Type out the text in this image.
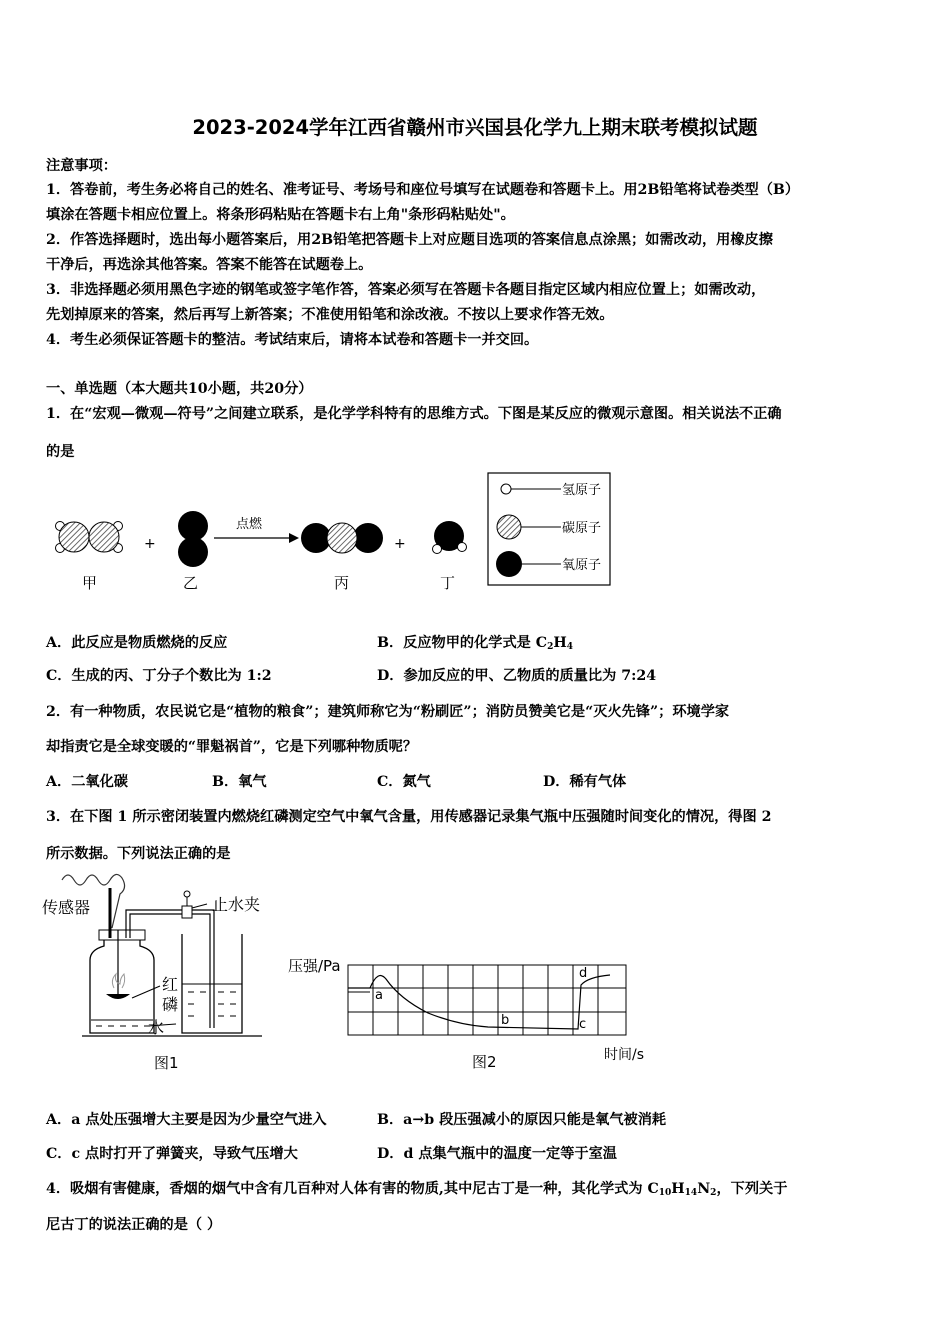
2023-2024学年江西省赣州市兴国县化学九上期末联考模拟试题
注意事项：
1．答卷前，考生务必将自己的姓名、准考证号、考场号和座位号填写在试题卷和答题卡上。用2B铅笔将试卷类型（B）
填涂在答题卡相应位置上。将条形码粘贴在答题卡右上角"条形码粘贴处"。
2．作答选择题时，选出每小题答案后，用2B铅笔把答题卡上对应题目选项的答案信息点涂黑；如需改动，用橡皮擦
干净后，再选涂其他答案。答案不能答在试题卷上。
3．非选择题必须用黑色字迹的钢笔或签字笔作答，答案必须写在答题卡各题目指定区域内相应位置上；如需改动，
先划掉原来的答案，然后再写上新答案；不准使用铅笔和涂改液。不按以上要求作答无效。
4．考生必须保证答题卡的整洁。考试结束后，请将本试卷和答题卡一并交回。
一、单选题（本大题共10小题，共20分）
1．在“宏观—微观—符号”之间建立联系，是化学学科特有的思维方式。下图是某反应的微观示意图。相关说法不正确
的是
+
点燃
+
甲	乙	丙	丁
氢原子
碳原子
氧原子
A．此反应是物质燃烧的反应	B．反应物甲的化学式是 $C_2H_4$
C．生成的丙、丁分子个数比为 1:2	D．参加反应的甲、乙物质的质量比为 7:24
2．有一种物质，农民说它是“植物的粮食”；建筑师称它为“粉刷匠”；消防员赞美它是“灭火先锋”；环境学家
却指责它是全球变暖的“罪魁祸首”，它是下列哪种物质呢？
A．二氧化碳	B．氧气	C．氮气	D．稀有气体
3．在下图 1 所示密闭装置内燃烧红磷测定空气中氧气含量，用传感器记录集气瓶中压强随时间变化的情况，得图 2
所示数据。下列说法正确的是
传感器	止水夹
红
磷
水
图1
压强/Pa
a
b	c
d
时间/s
图2
A．a 点处压强增大主要是因为少量空气进入	B．a→b 段压强减小的原因只能是氧气被消耗
C．c 点时打开了弹簧夹，导致气压增大	D．d 点集气瓶中的温度一定等于室温
4．吸烟有害健康，香烟的烟气中含有几百种对人体有害的物质,其中尼古丁是一种，其化学式为 $C_{10}H_{14}N_2$，下列关于
尼古丁的说法正确的是（ ）
